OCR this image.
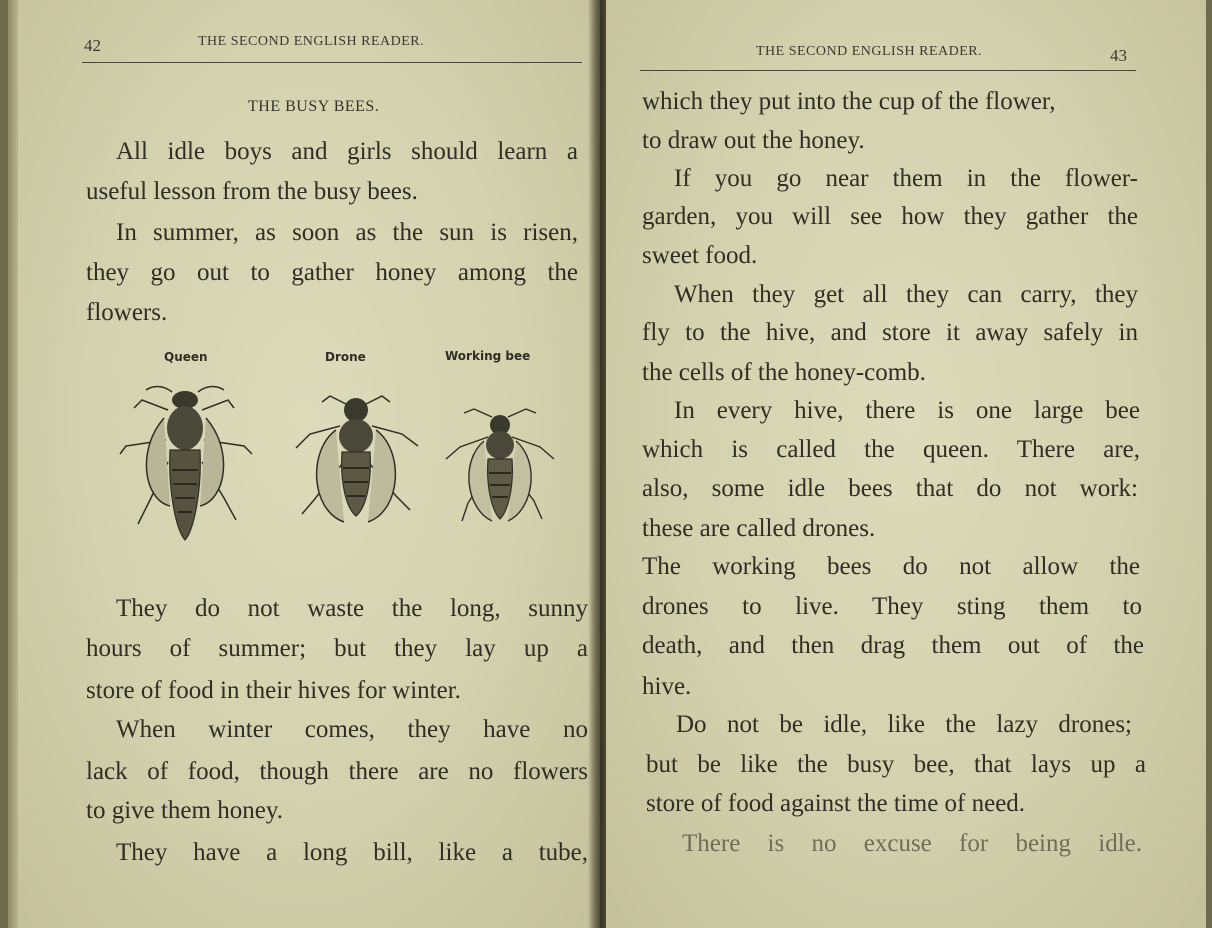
42	THE SECOND ENGLISH READER.
THE BUSY BEES.
All idle boys and girls should learn a
useful lesson from the busy bees.
In summer, as soon as the sun is risen,
they go out to gather honey among the
flowers.
Queen	Drone	Working bee
They do not waste the long, sunny
hours of summer; but they lay up a
store of food in their hives for winter.
When winter comes, they have no
lack of food, though there are no flowers
to give them honey.
They have a long bill, like a tube,
THE SECOND ENGLISH READER.	43
which they put into the cup of the flower,
to draw out the honey.
If you go near them in the flower-
garden, you will see how they gather the
sweet food.
When they get all they can carry, they
fly to the hive, and store it away safely in
the cells of the honey-comb.
In every hive, there is one large bee
which is called the queen. There are,
also, some idle bees that do not work:
these are called drones.
The working bees do not allow the
drones to live. They sting them to
death, and then drag them out of the
hive.
Do not be idle, like the lazy drones;
but be like the busy bee, that lays up a
store of food against the time of need.
There is no excuse for being idle.
